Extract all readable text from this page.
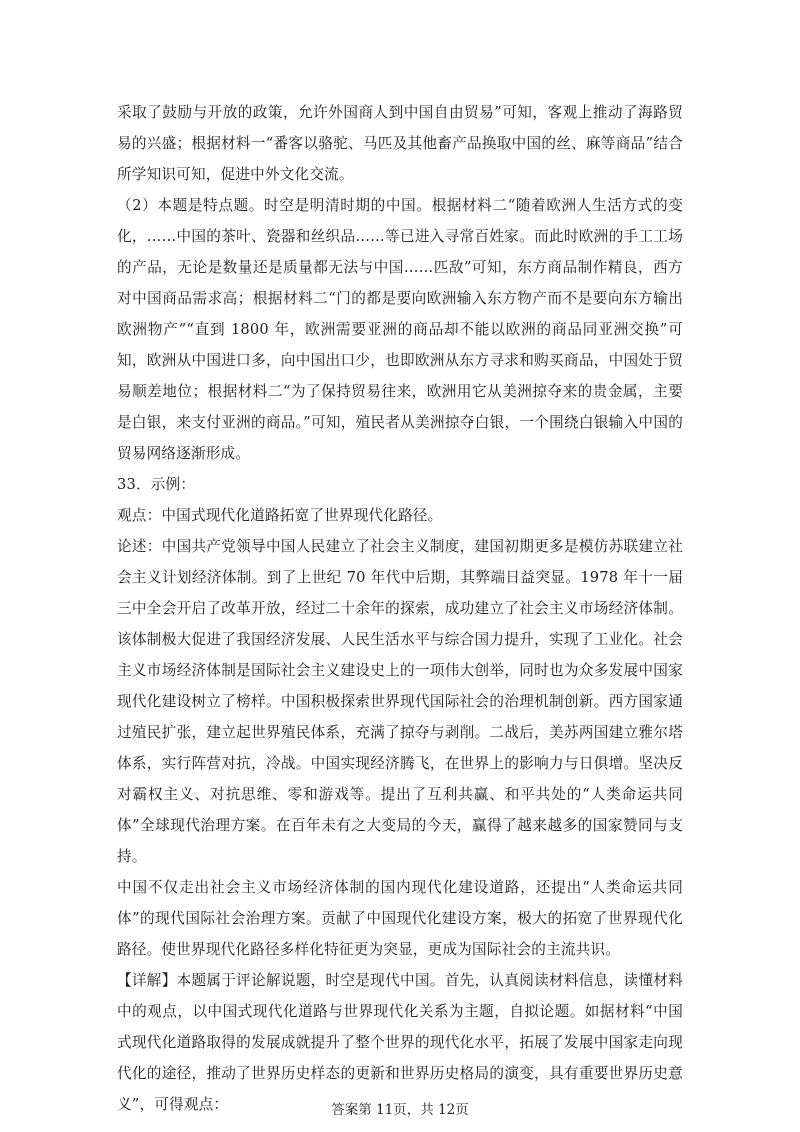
采取了鼓励与开放的政策，允许外国商人到中国自由贸易”可知，客观上推动了海路贸易的兴盛；根据材料一“番客以骆驼、马匹及其他畜产品换取中国的丝、麻等商品”结合所学知识可知，促进中外文化交流。

（2）本题是特点题。时空是明清时期的中国。根据材料二“随着欧洲人生活方式的变化，……中国的茶叶、瓷器和丝织品……等已进入寻常百姓家。而此时欧洲的手工工场的产品，无论是数量还是质量都无法与中国……匹敌”可知，东方商品制作精良，西方对中国商品需求高；根据材料二“门的都是要向欧洲输入东方物产而不是要向东方输出欧洲物产”“直到 1800 年，欧洲需要亚洲的商品却不能以欧洲的商品同亚洲交换”可知，欧洲从中国进口多，向中国出口少，也即欧洲从东方寻求和购买商品，中国处于贸易顺差地位；根据材料二“为了保持贸易往来，欧洲用它从美洲掠夺来的贵金属，主要是白银，来支付亚洲的商品。”可知，殖民者从美洲掠夺白银，一个围绕白银输入中国的贸易网络逐渐形成。

33．示例：

观点：中国式现代化道路拓宽了世界现代化路径。

论述：中国共产党领导中国人民建立了社会主义制度，建国初期更多是模仿苏联建立社会主义计划经济体制。到了上世纪 70 年代中后期，其弊端日益突显。1978 年十一届三中全会开启了改革开放，经过二十余年的探索，成功建立了社会主义市场经济体制。该体制极大促进了我国经济发展、人民生活水平与综合国力提升，实现了工业化。社会主义市场经济体制是国际社会主义建设史上的一项伟大创举，同时也为众多发展中国家现代化建设树立了榜样。中国积极探索世界现代国际社会的治理机制创新。西方国家通过殖民扩张，建立起世界殖民体系，充满了掠夺与剥削。二战后，美苏两国建立雅尔塔体系，实行阵营对抗，冷战。中国实现经济腾飞，在世界上的影响力与日俱增。坚决反对霸权主义、对抗思维、零和游戏等。提出了互利共赢、和平共处的“人类命运共同体”全球现代治理方案。在百年未有之大变局的今天，赢得了越来越多的国家赞同与支持。

中国不仅走出社会主义市场经济体制的国内现代化建设道路，还提出“人类命运共同体”的现代国际社会治理方案。贡献了中国现代化建设方案，极大的拓宽了世界现代化路径。使世界现代化路径多样化特征更为突显，更成为国际社会的主流共识。

【详解】本题属于评论解说题，时空是现代中国。首先，认真阅读材料信息，读懂材料中的观点，以中国式现代化道路与世界现代化关系为主题，自拟论题。如据材料“中国式现代化道路取得的发展成就提升了整个世界的现代化水平，拓展了发展中国家走向现代化的途径，推动了世界历史样态的更新和世界历史格局的演变，具有重要世界历史意义”，可得观点：	答案第 11页，共 12页
